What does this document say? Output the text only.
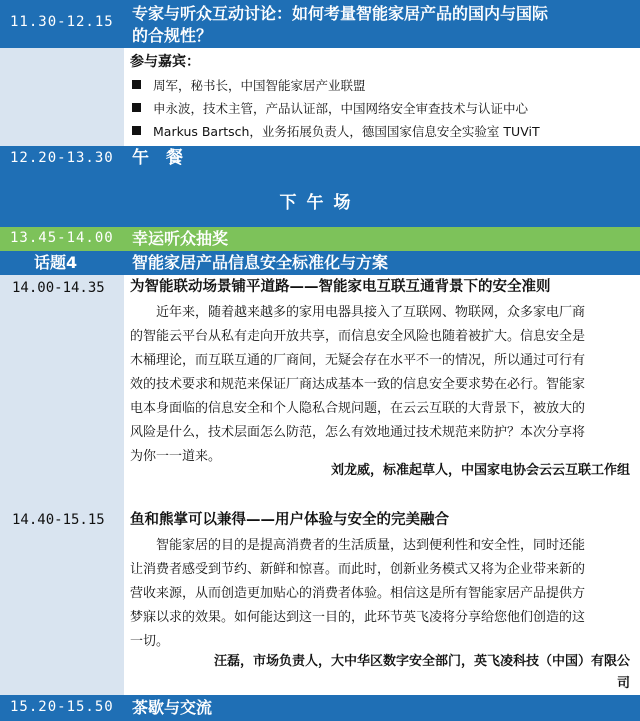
11.30-12.15 专家与听众互动讨论：如何考量智能家居产品的国内与国际
的合规性？
参与嘉宾：
周军，秘书长，中国智能家居产业联盟
申永波，技术主管，产品认证部，中国网络安全审查技术与认证中心
Markus Bartsch，业务拓展负责人，德国国家信息安全实验室 TUViT
12.20-13.30 午　餐
下午场
13.45-14.00 幸运听众抽奖
话题4	智能家居产品信息安全标准化与方案
14.00-14.35 为智能联动场景铺平道路——智能家电互联互通背景下的安全准则
近年来，随着越来越多的家用电器具接入了互联网、物联网，众多家电厂商
的智能云平台从私有走向开放共享，而信息安全风险也随着被扩大。信息安全是
木桶理论，而互联互通的厂商间，无疑会存在水平不一的情况，所以通过可行有
效的技术要求和规范来保证厂商达成基本一致的信息安全要求势在必行。智能家
电本身面临的信息安全和个人隐私合规问题，在云云互联的大背景下，被放大的
风险是什么，技术层面怎么防范，怎么有效地通过技术规范来防护？本次分享将
为你一一道来。
刘龙威，标准起草人，中国家电协会云云互联工作组
14.40-15.15 鱼和熊掌可以兼得——用户体验与安全的完美融合
智能家居的目的是提高消费者的生活质量，达到便利性和安全性，同时还能
让消费者感受到节约、新鲜和惊喜。而此时，创新业务模式又将为企业带来新的
营收来源，从而创造更加贴心的消费者体验。相信这是所有智能家居产品提供方
梦寐以求的效果。如何能达到这一目的，此环节英飞凌将分享给您他们创造的这
一切。
汪磊，市场负责人，大中华区数字安全部门，英飞凌科技（中国）有限公
司
15.20-15.50 茶歇与交流
